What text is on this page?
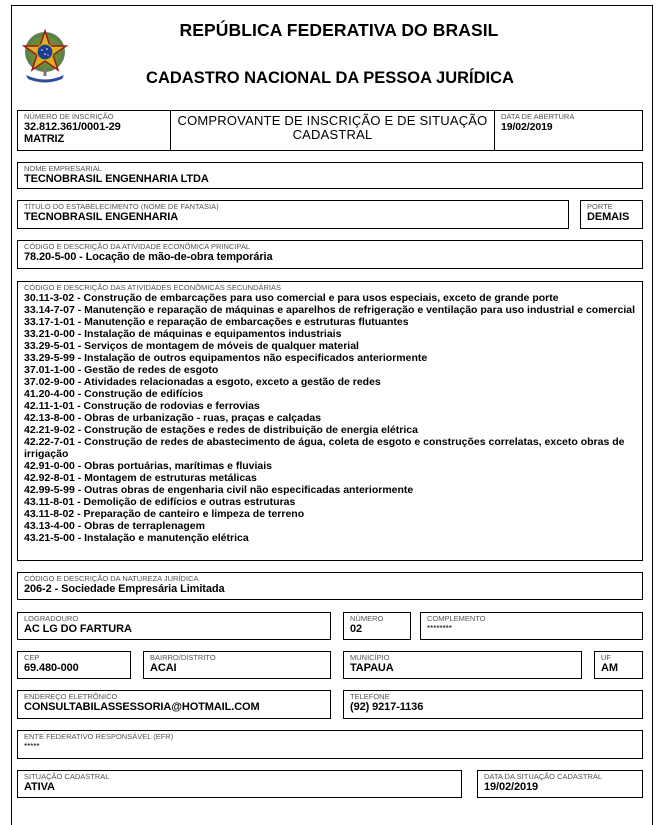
REPÚBLICA FEDERATIVA DO BRASIL
CADASTRO NACIONAL DA PESSOA JURÍDICA
NÚMERO DE INSCRIÇÃO
32.812.361/0001-29
MATRIZ
COMPROVANTE DE INSCRIÇÃO E DE SITUAÇÃO CADASTRAL
DATA DE ABERTURA
19/02/2019
NOME EMPRESARIAL
TECNOBRASIL ENGENHARIA LTDA
TÍTULO DO ESTABELECIMENTO (NOME DE FANTASIA)
TECNOBRASIL ENGENHARIA
PORTE
DEMAIS
CÓDIGO E DESCRIÇÃO DA ATIVIDADE ECONÔMICA PRINCIPAL
78.20-5-00 - Locação de mão-de-obra temporária
CÓDIGO E DESCRIÇÃO DAS ATIVIDADES ECONÔMICAS SECUNDÁRIAS
30.11-3-02 - Construção de embarcações para uso comercial e para usos especiais, exceto de grande porte
33.14-7-07 - Manutenção e reparação de máquinas e aparelhos de refrigeração e ventilação para uso industrial e comercial
33.17-1-01 - Manutenção e reparação de embarcações e estruturas flutuantes
33.21-0-00 - Instalação de máquinas e equipamentos industriais
33.29-5-01 - Serviços de montagem de móveis de qualquer material
33.29-5-99 - Instalação de outros equipamentos não especificados anteriormente
37.01-1-00 - Gestão de redes de esgoto
37.02-9-00 - Atividades relacionadas a esgoto, exceto a gestão de redes
41.20-4-00 - Construção de edifícios
42.11-1-01 - Construção de rodovias e ferrovias
42.13-8-00 - Obras de urbanização - ruas, praças e calçadas
42.21-9-02 - Construção de estações e redes de distribuição de energia elétrica
42.22-7-01 - Construção de redes de abastecimento de água, coleta de esgoto e construções correlatas, exceto obras de irrigação
42.91-0-00 - Obras portuárias, marítimas e fluviais
42.92-8-01 - Montagem de estruturas metálicas
42.99-5-99 - Outras obras de engenharia civil não especificadas anteriormente
43.11-8-01 - Demolição de edifícios e outras estruturas
43.11-8-02 - Preparação de canteiro e limpeza de terreno
43.13-4-00 - Obras de terraplenagem
43.21-5-00 - Instalação e manutenção elétrica
CÓDIGO E DESCRIÇÃO DA NATUREZA JURÍDICA
206-2 - Sociedade Empresária Limitada
LOGRADOURO
AC LG DO FARTURA
NÚMERO
02
COMPLEMENTO
********
CEP
69.480-000
BAIRRO/DISTRITO
ACAI
MUNICÍPIO
TAPAUA
UF
AM
ENDEREÇO ELETRÔNICO
CONSULTABILASSESSORIA@HOTMAIL.COM
TELEFONE
(92) 9217-1136
ENTE FEDERATIVO RESPONSÁVEL (EFR)
*****
SITUAÇÃO CADASTRAL
ATIVA
DATA DA SITUAÇÃO CADASTRAL
19/02/2019
